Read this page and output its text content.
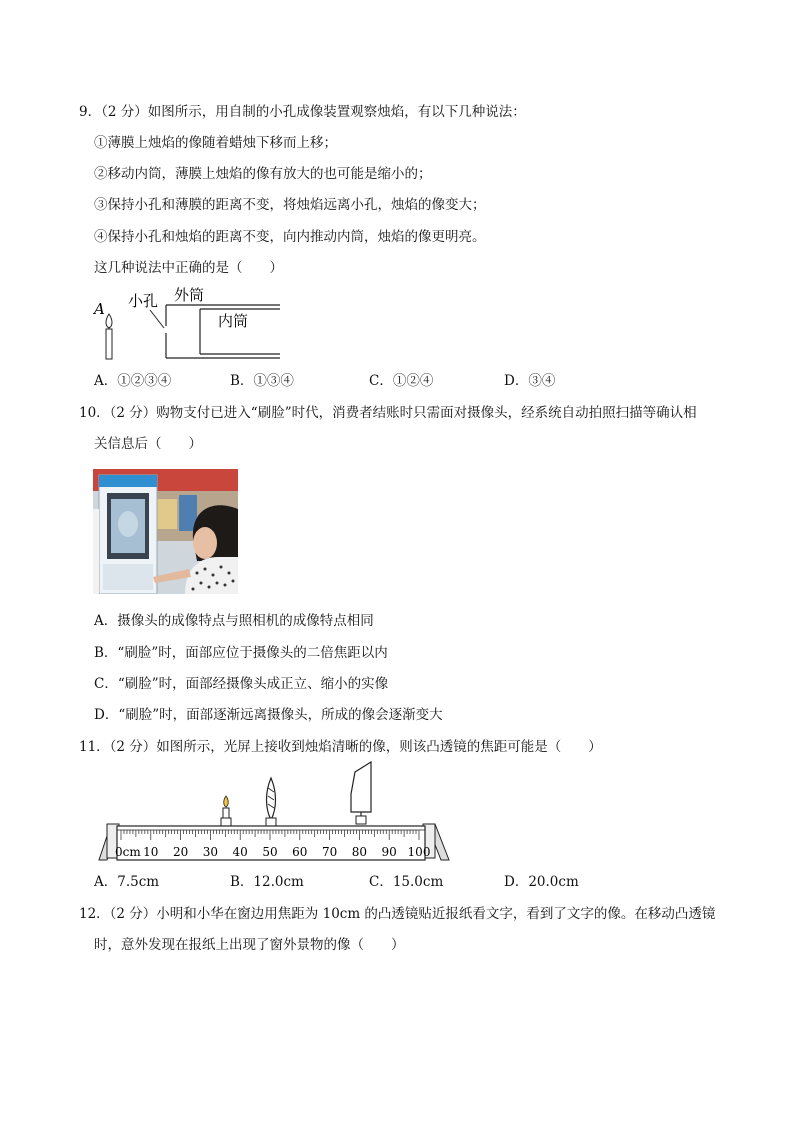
9．（2 分）如图所示，用自制的小孔成像装置观察烛焰，有以下几种说法：
①薄膜上烛焰的像随着蜡烛下移而上移；
②移动内筒，薄膜上烛焰的像有放大的也可能是缩小的；
③保持小孔和薄膜的距离不变，将烛焰远离小孔，烛焰的像变大；
④保持小孔和烛焰的距离不变，向内推动内筒，烛焰的像更明亮。
这几种说法中正确的是（　　）
A 小孔 外筒
内筒
A．①②③④	B．①③④	C．①②④	D．③④
10．（2 分）购物支付已进入“刷脸”时代，消费者结账时只需面对摄像头，经系统自动拍照扫描等确认相
关信息后（　　）
A．摄像头的成像特点与照相机的成像特点相同
B．“刷脸”时，面部应位于摄像头的二倍焦距以内
C．“刷脸”时，面部经摄像头成正立、缩小的实像
D．“刷脸”时，面部逐渐远离摄像头，所成的像会逐渐变大
11．（2 分）如图所示，光屏上接收到烛焰清晰的像，则该凸透镜的焦距可能是（　　）
0cm 10 20 30 40 50 60 70 80 90 100
A．7.5cm	B．12.0cm	C．15.0cm	D．20.0cm
12．（2 分）小明和小华在窗边用焦距为 10cm 的凸透镜贴近报纸看文字，看到了文字的像。在移动凸透镜
时，意外发现在报纸上出现了窗外景物的像（　　）
